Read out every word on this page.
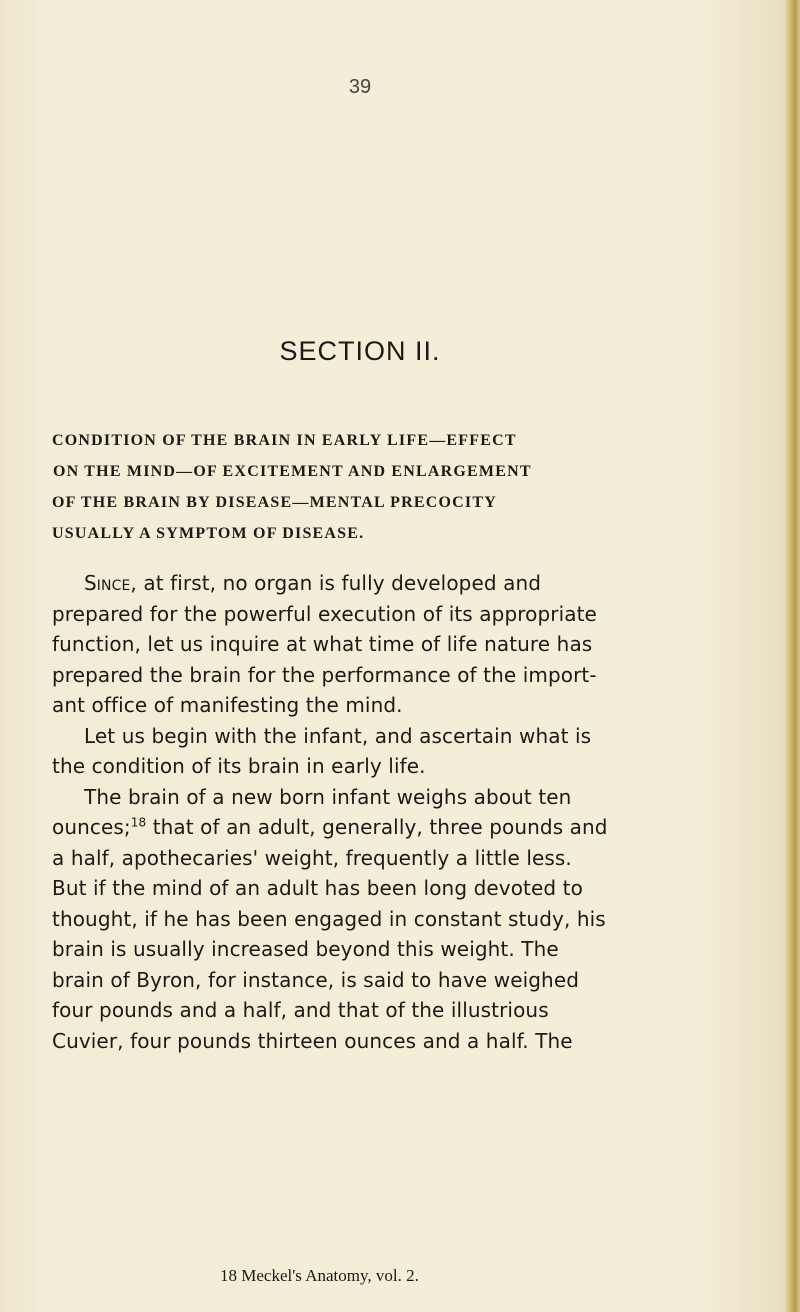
39
SECTION II.
CONDITION OF THE BRAIN IN EARLY LIFE—EFFECT
ON THE MIND—OF EXCITEMENT AND ENLARGEMENT
OF THE BRAIN BY DISEASE—MENTAL PRECOCITY
USUALLY A SYMPTOM OF DISEASE.
Since, at first, no organ is fully developed and
prepared for the powerful execution of its appropriate
function, let us inquire at what time of life nature has
prepared the brain for the performance of the import-
ant office of manifesting the mind.
Let us begin with the infant, and ascertain what is
the condition of its brain in early life.
The brain of a new born infant weighs about ten
ounces;$^{18}$ that of an adult, generally, three pounds and
a half, apothecaries' weight, frequently a little less.
But if the mind of an adult has been long devoted to
thought, if he has been engaged in constant study, his
brain is usually increased beyond this weight. The
brain of Byron, for instance, is said to have weighed
four pounds and a half, and that of the illustrious
Cuvier, four pounds thirteen ounces and a half. The
18 Meckel's Anatomy, vol. 2.
